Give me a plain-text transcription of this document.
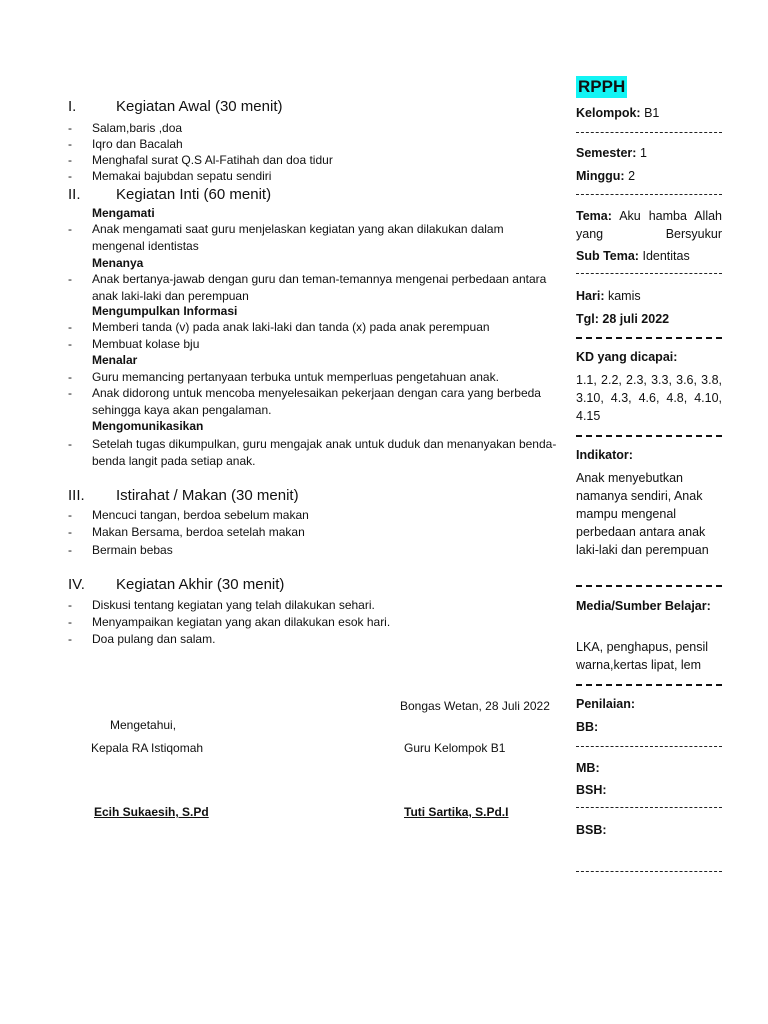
I.	Kegiatan Awal (30 menit)
-	Salam,baris ,doa
-	Iqro dan Bacalah
-	Menghafal surat Q.S Al-Fatihah dan doa tidur
-	Memakai bajubdan sepatu sendiri
II. Kegiatan Inti (60 menit)
Mengamati
-	Anak mengamati saat guru menjelaskan kegiatan yang akan dilakukan dalam mengenal identistas
Menanya
-	Anak bertanya-jawab dengan guru dan teman-temannya mengenai perbedaan antara anak laki-laki dan perempuan
Mengumpulkan Informasi
-	Memberi tanda (v) pada anak laki-laki dan tanda (x) pada anak perempuan
-	Membuat kolase bju
Menalar
-	Guru memancing pertanyaan terbuka untuk memperluas pengetahuan anak.
-	Anak didorong untuk mencoba menyelesaikan pekerjaan dengan cara yang berbeda sehingga kaya akan pengalaman.
Mengomunikasikan
-	Setelah tugas dikumpulkan, guru mengajak anak untuk duduk dan menanyakan benda-benda langit pada setiap anak.
III. Istirahat / Makan (30 menit)
-	Mencuci tangan, berdoa sebelum makan
-	Makan Bersama, berdoa setelah makan
-	Bermain bebas
IV. Kegiatan Akhir (30 menit)
-	Diskusi tentang kegiatan yang telah dilakukan sehari.
-	Menyampaikan kegiatan yang akan dilakukan esok hari.
-	Doa pulang dan salam.
Bongas Wetan, 28 Juli 2022
Mengetahui,
Kepala RA Istiqomah	Guru Kelompok B1
Ecih Sukaesih, S.Pd	Tuti Sartika, S.Pd.I
RPPH
Kelompok: B1
Semester: 1
Minggu: 2
Tema: Aku hamba Allah yang Bersyukur
Sub Tema: Identitas
Hari: kamis
Tgl: 28 juli 2022
KD yang dicapai:
1.1, 2.2, 2.3, 3.3, 3.6, 3.8, 3.10, 4.3, 4.6, 4.8, 4.10, 4.15
Indikator:
Anak menyebutkan namanya sendiri, Anak mampu mengenal perbedaan antara anak laki-laki dan perempuan
Media/Sumber Belajar:
LKA, penghapus, pensil warna,kertas lipat, lem
Penilaian:
BB:
MB:
BSH:
BSB:
